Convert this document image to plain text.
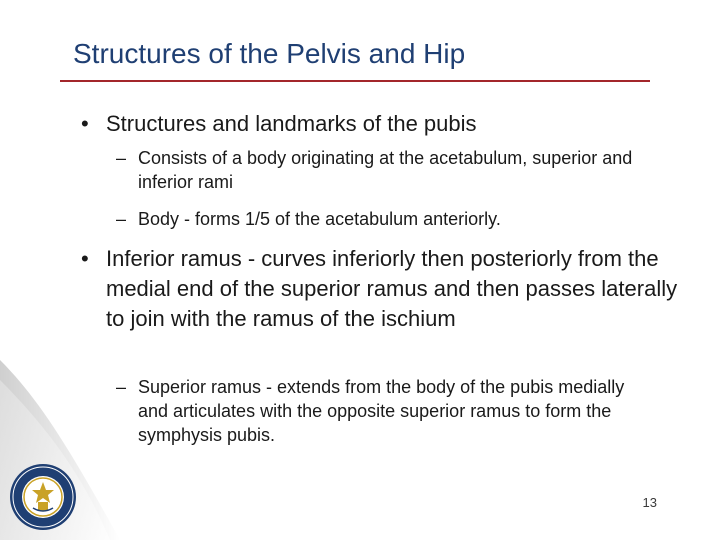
Structures of the Pelvis and Hip
• Structures and landmarks of the pubis
– Consists of a body originating at the acetabulum, superior and inferior rami
– Body - forms 1/5 of the acetabulum anteriorly.
• Inferior ramus - curves inferiorly then posteriorly from the medial end of the superior ramus and then passes laterally to join with the ramus of the ischium
– Superior ramus - extends from the body of the pubis medially and articulates with the opposite superior ramus to form the symphysis pubis.
13
